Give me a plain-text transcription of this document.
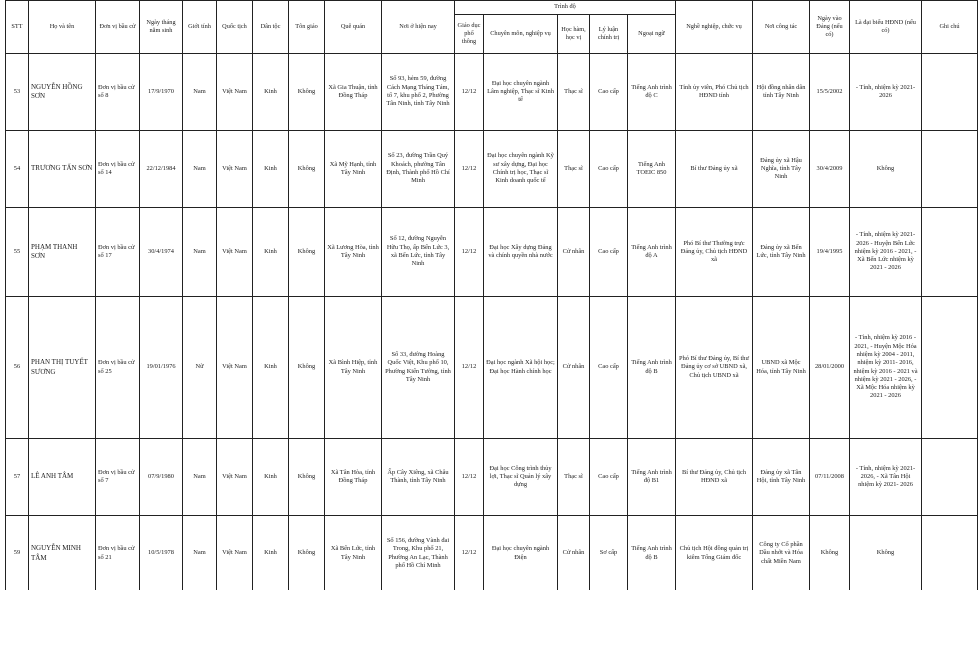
STT	Họ và tên	Đơn vị bầu cử	Ngày tháng năm sinh	Giới tính	Quốc tịch	Dân tộc	Tôn giáo	Quê quán	Nơi ở hiện nay	Trình độ					Nghề nghiệp, chức vụ	Nơi công tác	Ngày vào Đảng (nếu có)	Là đại biểu HĐND (nếu có)	Ghi chú
										Giáo dục phổ thông	Chuyên môn, nghiệp vụ	Học hàm, học vị	Lý luận chính trị	Ngoại ngữ					
53	NGUYỄN HỒNG SƠN	Đơn vị bầu cử số 8	17/9/1970	Nam	Việt Nam	Kinh	Không	Xã Gia Thuận, tỉnh Đồng Tháp	Số 93, hẻm 59, đường Cách Mạng Tháng Tám, tổ 7, khu phố 2, Phường Tân Ninh, tỉnh Tây Ninh	12/12	Đại học chuyên ngành Lâm nghiệp, Thạc sĩ Kinh tế	Thạc sĩ	Cao cấp	Tiếng Anh trình độ C	Tỉnh ủy viên, Phó Chủ tịch HĐND tỉnh	Hội đồng nhân dân tỉnh Tây Ninh	15/5/2002	- Tỉnh, nhiệm kỳ 2021-2026	
54	TRƯƠNG TẤN SƠN	Đơn vị bầu cử số 14	22/12/1984	Nam	Việt Nam	Kinh	Không	Xã Mỹ Hạnh, tỉnh Tây Ninh	Số 23, đường Trần Quý Khoách, phường Tân Định, Thành phố Hồ Chí Minh	12/12	Đại học chuyên ngành Kỹ sư xây dựng, Đại học Chính trị học, Thạc sĩ Kinh doanh quốc tế	Thạc sĩ	Cao cấp	Tiếng Anh TOEIC 850	Bí thư Đảng ủy xã	Đảng ủy xã Hậu Nghĩa, tỉnh Tây Ninh	30/4/2009	Không	
55	PHẠM THANH SƠN	Đơn vị bầu cử số 17	30/4/1974	Nam	Việt Nam	Kinh	Không	Xã Lương Hòa, tỉnh Tây Ninh	Số 12, đường Nguyễn Hữu Thọ, ấp Bến Lức 3, xã Bến Lức, tỉnh Tây Ninh	12/12	Đại học Xây dựng Đảng và chính quyền nhà nước	Cử nhân	Cao cấp	Tiếng Anh trình độ A	Phó Bí thư Thường trực Đảng ủy, Chủ tịch HĐND xã	Đảng ủy xã Bến Lức, tỉnh Tây Ninh	19/4/1995	- Tỉnh, nhiệm kỳ 2021-2026 - Huyện Bến Lức nhiệm kỳ 2016 - 2021, - Xã Bến Lức nhiệm kỳ 2021 - 2026	
56	PHAN THỊ TUYẾT SƯƠNG	Đơn vị bầu cử số 25	19/01/1976	Nữ	Việt Nam	Kinh	Không	Xã Bình Hiệp, tỉnh Tây Ninh	Số 33, đường Hoàng Quốc Việt, Khu phố 10, Phường Kiến Tường, tỉnh Tây Ninh	12/12	Đại học ngành Xã hội học; Đại học Hành chính học	Cử nhân	Cao cấp	Tiếng Anh trình độ B	Phó Bí thư Đảng ủy, Bí thư Đảng ủy cơ sở UBND xã, Chủ tịch UBND xã	UBND xã Mộc Hóa, tỉnh Tây Ninh	28/01/2000	- Tỉnh, nhiệm kỳ 2016 - 2021, - Huyện Mộc Hóa nhiệm kỳ 2004 - 2011, nhiệm kỳ 2011- 2016, nhiệm kỳ 2016 - 2021 và nhiệm kỳ 2021 - 2026, - Xã Mộc Hóa nhiệm kỳ 2021 - 2026	
57	LÊ ANH TÂM	Đơn vị bầu cử số 7	07/9/1980	Nam	Việt Nam	Kinh	Không	Xã Tân Hòa, tỉnh Đồng Tháp	Ấp Cây Xiêng, xã Châu Thành, tỉnh Tây Ninh	12/12	Đại học Công trình thủy lợi, Thạc sĩ Quản lý xây dựng	Thạc sĩ	Cao cấp	Tiếng Anh trình độ B1	Bí thư Đảng ủy, Chủ tịch HĐND xã	Đảng ủy xã Tân Hội, tỉnh Tây Ninh	07/11/2008	- Tỉnh, nhiệm kỳ 2021-2026, - Xã Tân Hội nhiệm kỳ 2021- 2026	
59	NGUYỄN MINH TÂM	Đơn vị bầu cử số 21	10/5/1978	Nam	Việt Nam	Kinh	Không	Xã Bến Lức, tỉnh Tây Ninh	Số 156, đường Vành đai Trong, Khu phố 21, Phường An Lạc, Thành phố Hồ Chí Minh	12/12	Đại học chuyên ngành Điện	Cử nhân	Sơ cấp	Tiếng Anh trình độ B	Chủ tịch Hội đồng quản trị kiêm Tổng Giám đốc	Công ty Cổ phần Dầu nhớt và Hóa chất Miền Nam	Không	Không	
